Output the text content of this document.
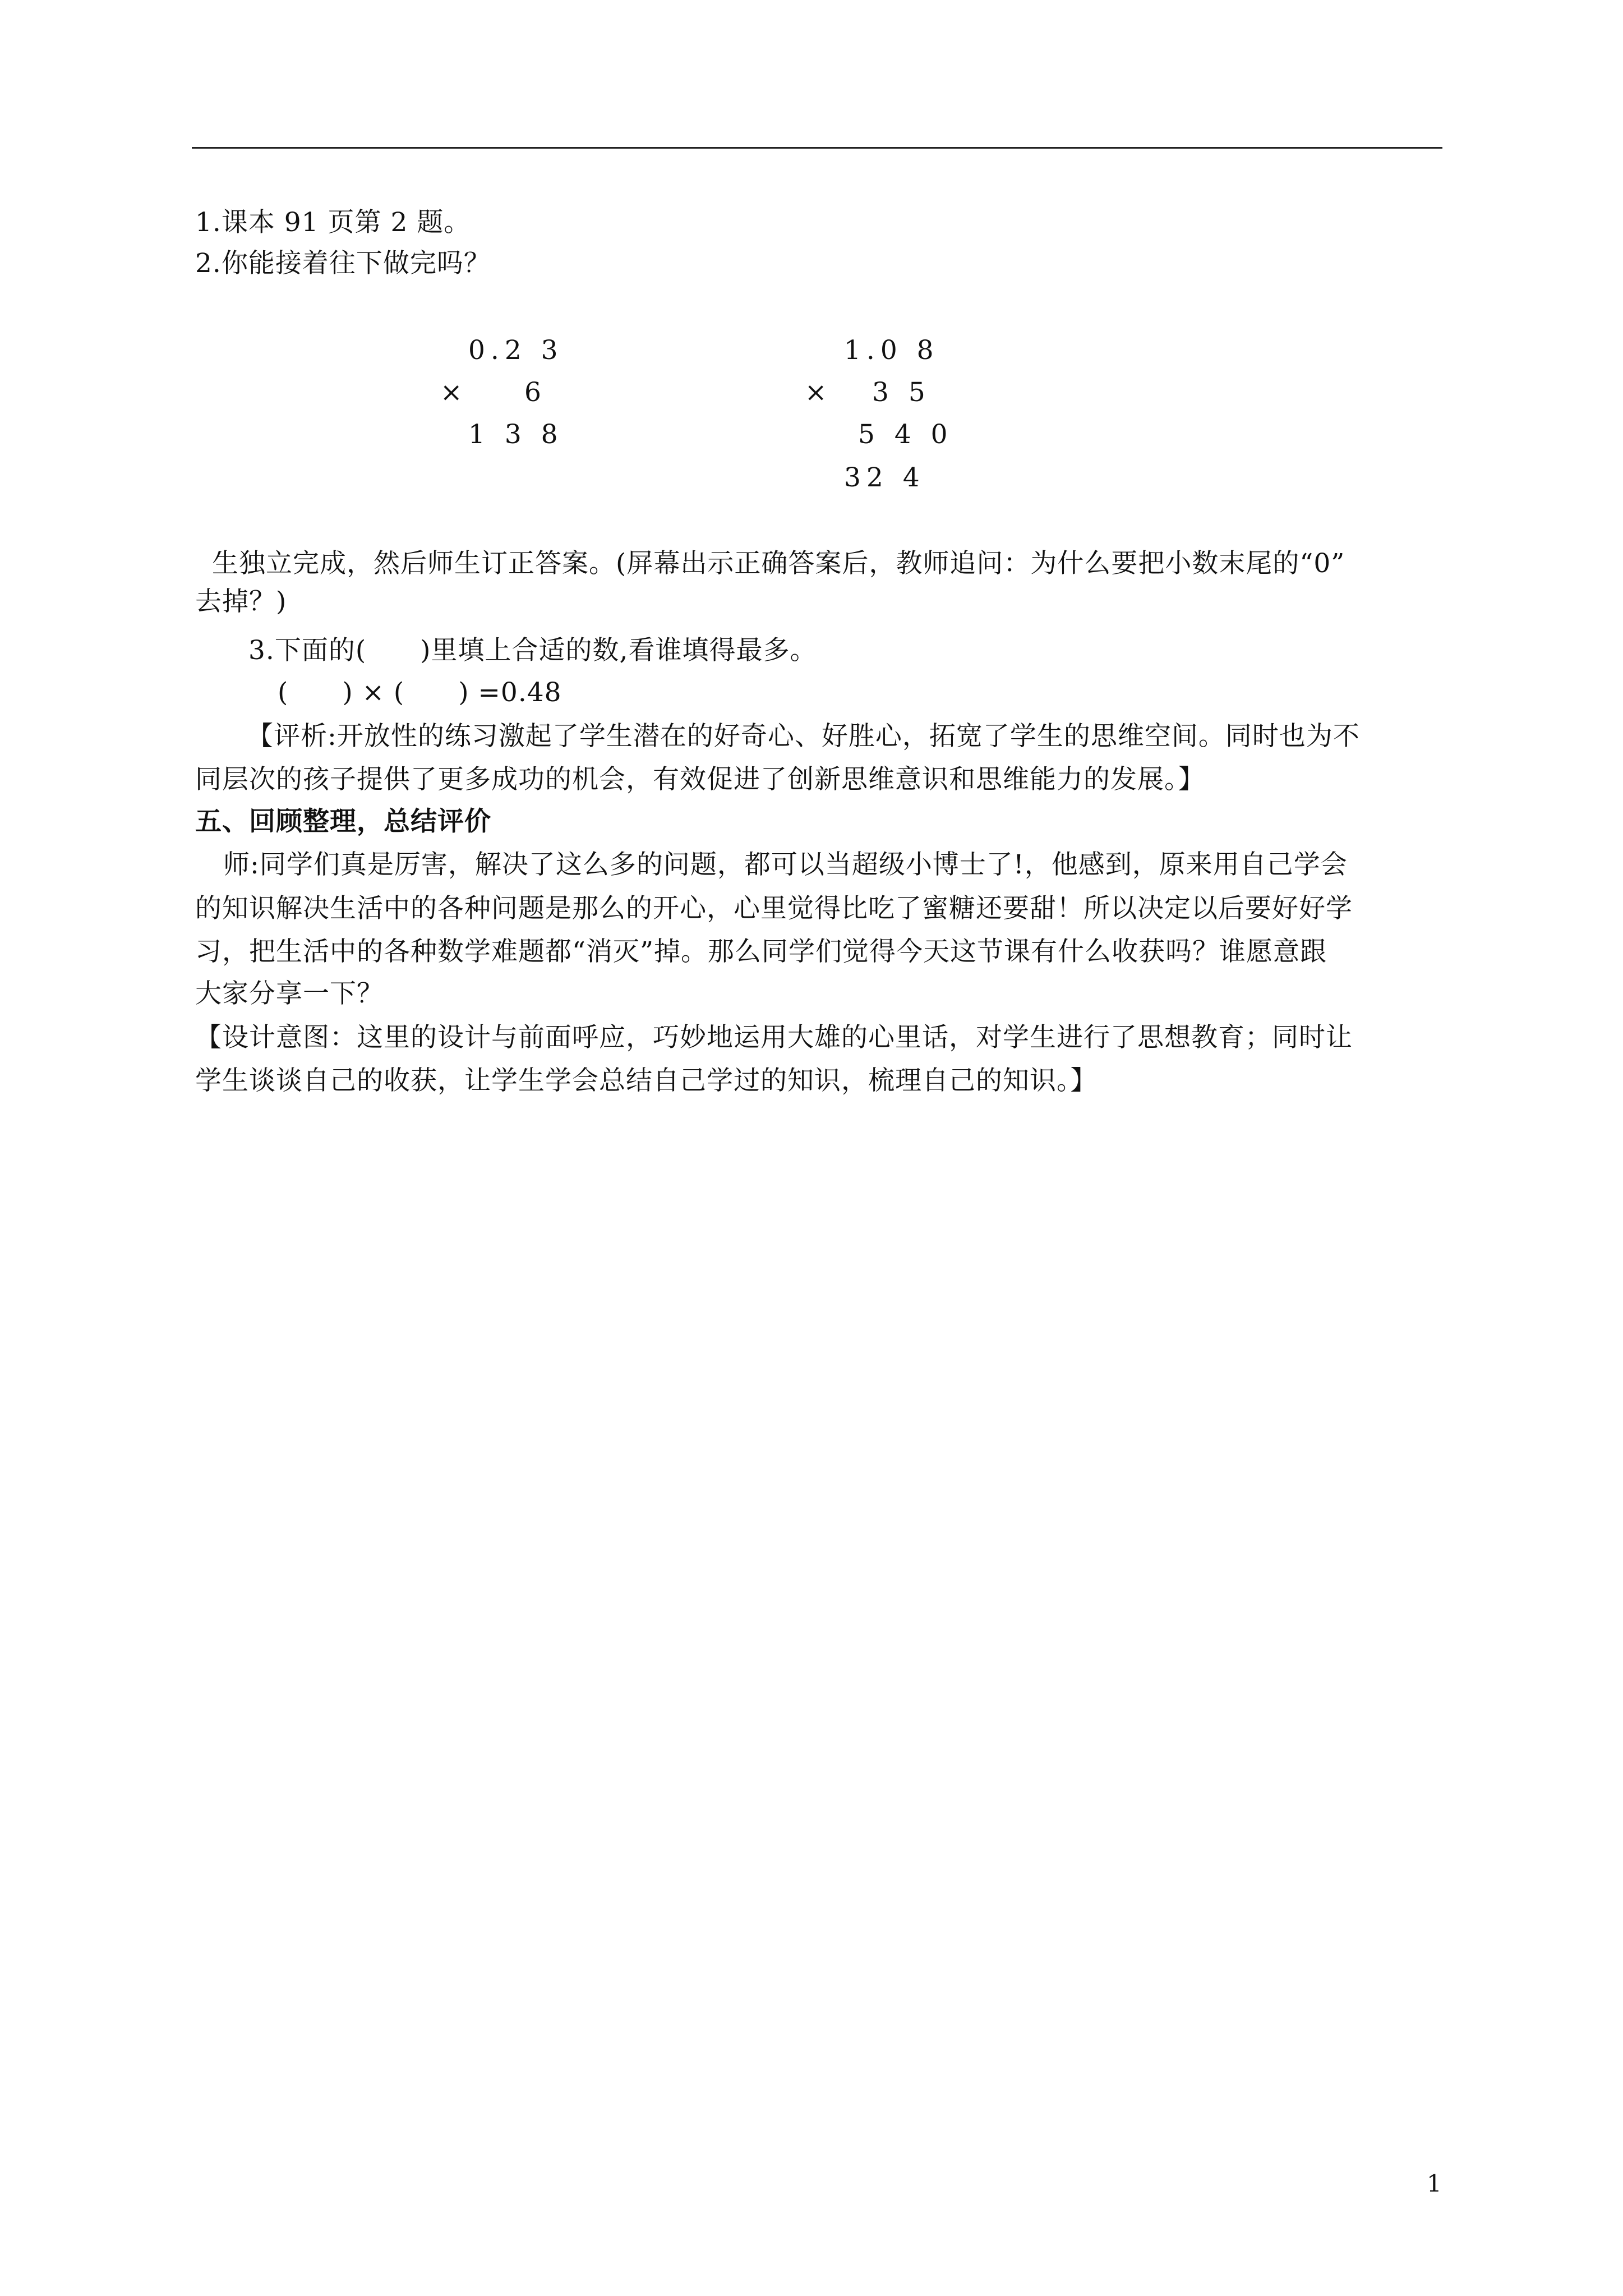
1.课本 91 页第 2 题。
2.你能接着往下做完吗？
0.2 3
× 6
1 3 8
1.0 8
× 3 5
5 4 0
32 4
生独立完成，然后师生订正答案。(屏幕出示正确答案后，教师追问：为什么要把小数末尾的“0”
去掉？)
3.下面的(　　)里填上合适的数,看谁填得最多。
(　　) × (　　) =0.48
【评析:开放性的练习激起了学生潜在的好奇心、好胜心，拓宽了学生的思维空间。同时也为不
同层次的孩子提供了更多成功的机会，有效促进了创新思维意识和思维能力的发展。】
五、回顾整理，总结评价
师:同学们真是厉害，解决了这么多的问题，都可以当超级小博士了!，他感到，原来用自己学会
的知识解决生活中的各种问题是那么的开心，心里觉得比吃了蜜糖还要甜！所以决定以后要好好学
习，把生活中的各种数学难题都“消灭”掉。那么同学们觉得今天这节课有什么收获吗？谁愿意跟
大家分享一下？
【设计意图：这里的设计与前面呼应，巧妙地运用大雄的心里话，对学生进行了思想教育；同时让
学生谈谈自己的收获，让学生学会总结自己学过的知识，梳理自己的知识。】
1
